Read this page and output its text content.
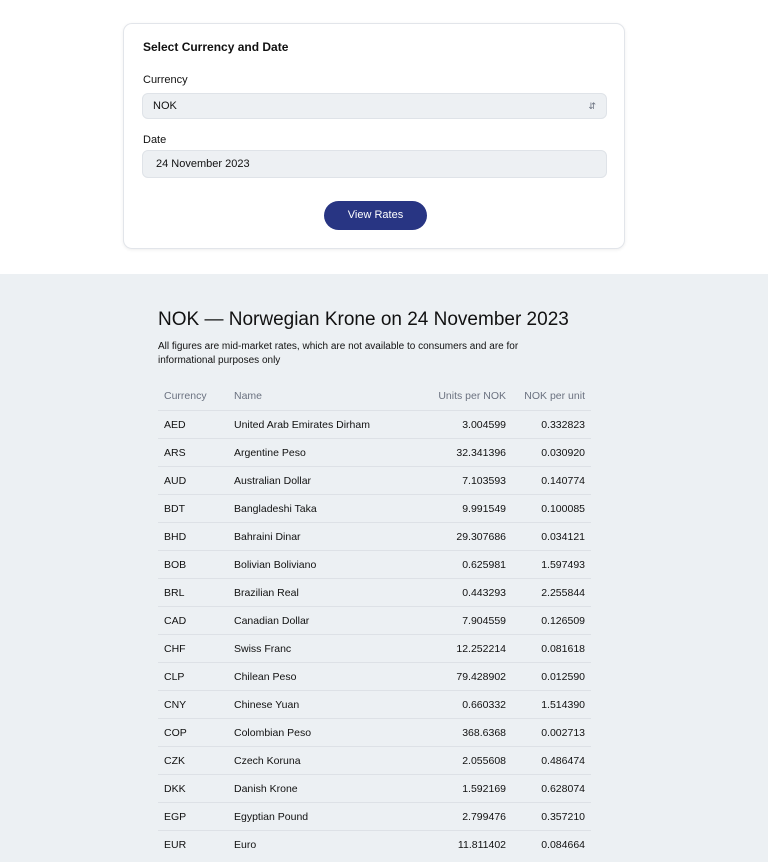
Select Currency and Date
Currency
NOK	⇵
Date
24 November 2023
View Rates
NOK — Norwegian Krone on 24 November 2023
All figures are mid-market rates, which are not available to consumers and are for informational purposes only
Currency	Name	Units per NOK	NOK per unit
AED	United Arab Emirates Dirham	3.004599	0.332823
ARS	Argentine Peso	32.341396	0.030920
AUD	Australian Dollar	7.103593	0.140774
BDT	Bangladeshi Taka	9.991549	0.100085
BHD	Bahraini Dinar	29.307686	0.034121
BOB	Bolivian Boliviano	0.625981	1.597493
BRL	Brazilian Real	0.443293	2.255844
CAD	Canadian Dollar	7.904559	0.126509
CHF	Swiss Franc	12.252214	0.081618
CLP	Chilean Peso	79.428902	0.012590
CNY	Chinese Yuan	0.660332	1.514390
COP	Colombian Peso	368.6368	0.002713
CZK	Czech Koruna	2.055608	0.486474
DKK	Danish Krone	1.592169	0.628074
EGP	Egyptian Pound	2.799476	0.357210
EUR	Euro	11.811402	0.084664
